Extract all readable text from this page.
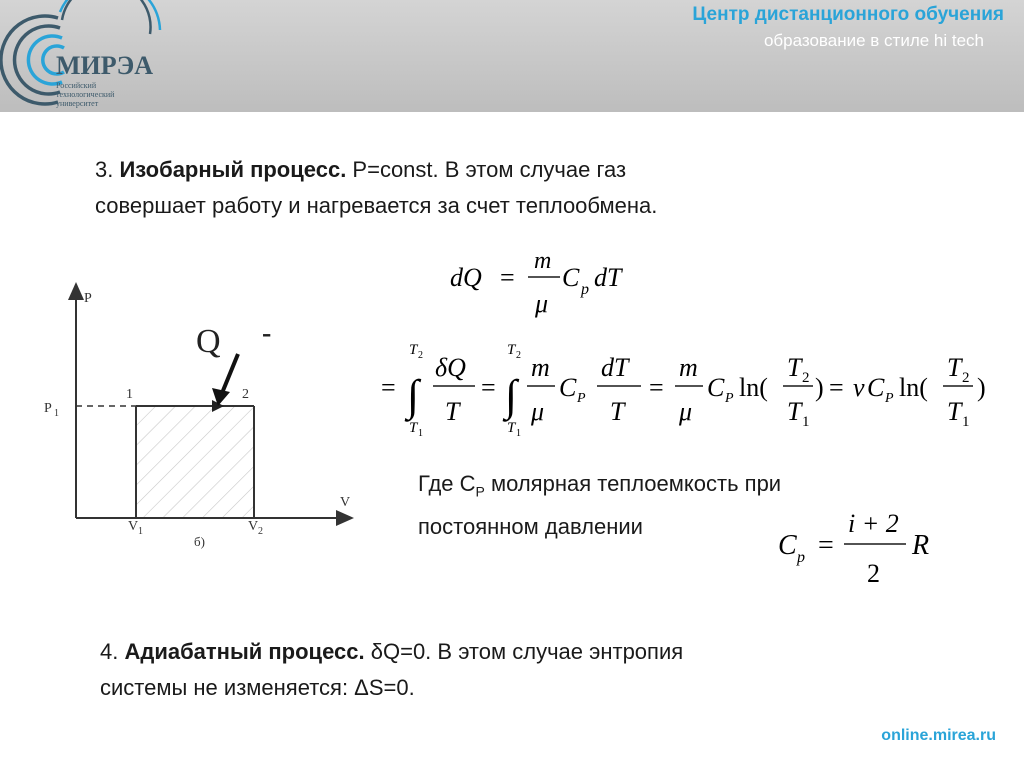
МИРЭА
Российский
технологический
университет
Центр дистанционного обучения
образование в стиле hi tech
3. Изобарный процесс. P=const. В этом случае газ
совершает работу и нагревается за счет теплообмена.
dQ =
m
μ
C p dT
=
T 2
∫
T 1
δQ
T
=
T 2
∫
T 1
m
μ
C P
dT
T
=
m
μ
C P ln(
T 2
T 1
) = ν C P ln(
T 2
T 1
)
P
V
P 1
1	2
V 1	V 2
б)
Q -
Где $C_P$ молярная теплоемкость при
постоянном давлении
C p =
i + 2
2
R
4. Адиабатный процесс. δQ=0. В этом случае энтропия
системы не изменяется: ΔS=0.
online.mirea.ru
